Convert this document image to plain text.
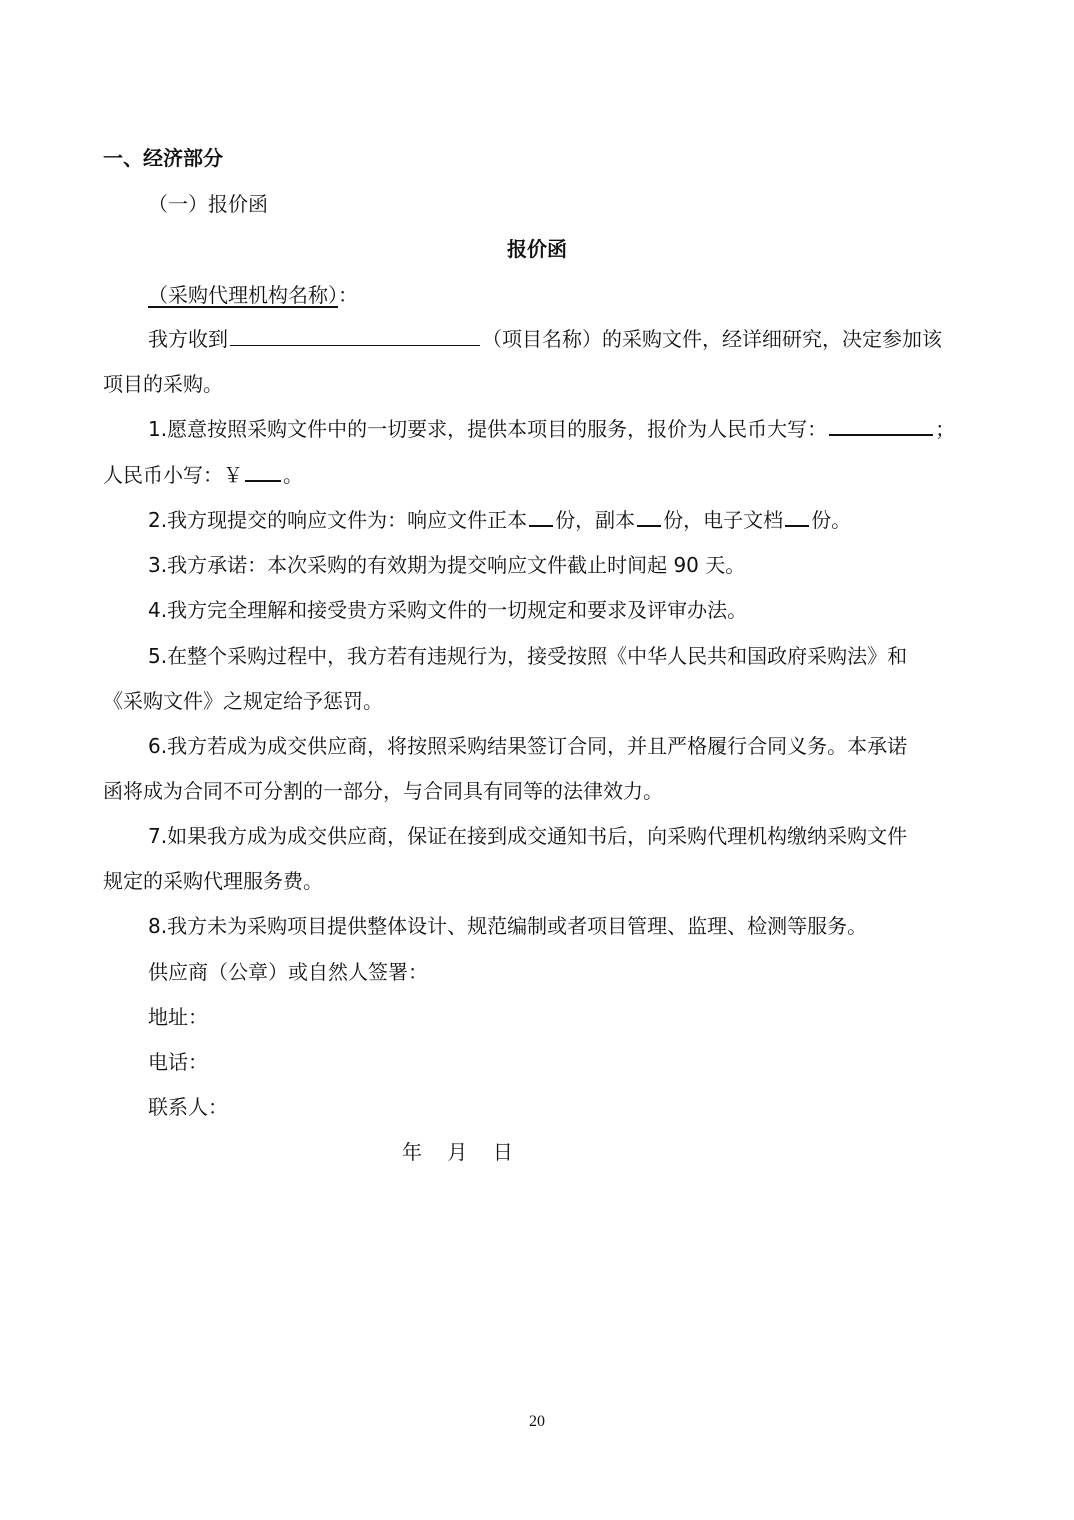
一、经济部分
（一）报价函
报价函
（采购代理机构名称）：
我方收到	（项目名称）的采购文件，经详细研究，决定参加该
项目的采购。
1.愿意按照采购文件中的一切要求，提供本项目的服务，报价为人民币大写：	；
人民币小写：￥ 。
2.我方现提交的响应文件为：响应文件正本 份，副本 份，电子文档 份。
3.我方承诺：本次采购的有效期为提交响应文件截止时间起 90 天。
4.我方完全理解和接受贵方采购文件的一切规定和要求及评审办法。
5.在整个采购过程中，我方若有违规行为，接受按照《中华人民共和国政府采购法》和
《采购文件》之规定给予惩罚。
6.我方若成为成交供应商，将按照采购结果签订合同，并且严格履行合同义务。本承诺
函将成为合同不可分割的一部分，与合同具有同等的法律效力。
7.如果我方成为成交供应商，保证在接到成交通知书后，向采购代理机构缴纳采购文件
规定的采购代理服务费。
8.我方未为采购项目提供整体设计、规范编制或者项目管理、监理、检测等服务。
供应商（公章）或自然人签署：
地址：
电话：
联系人：
年    月    日
20
